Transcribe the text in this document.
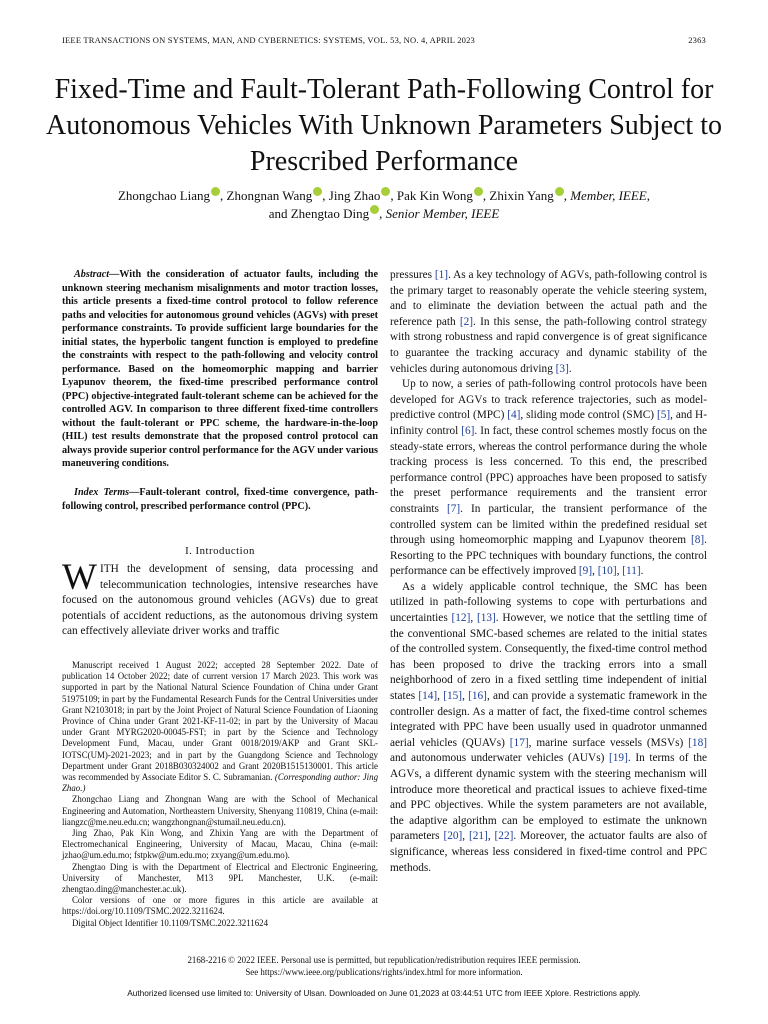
IEEE TRANSACTIONS ON SYSTEMS, MAN, AND CYBERNETICS: SYSTEMS, VOL. 53, NO. 4, APRIL 2023	2363
Fixed-Time and Fault-Tolerant Path-Following Control for Autonomous Vehicles With Unknown Parameters Subject to Prescribed Performance
Zhongchao Liang , Zhongnan Wang , Jing Zhao , Pak Kin Wong , Zhixin Yang , Member, IEEE,
and Zhengtao Ding , Senior Member, IEEE

Abstract—With the consideration of actuator faults, including the unknown steering mechanism misalignments and motor traction losses, this article presents a fixed-time control protocol to follow reference paths and velocities for autonomous ground vehicles (AGVs) with preset performance constraints. To provide sufficient large boundaries for the initial states, the hyperbolic tangent function is employed to predefine the constraints with respect to the path-following and velocity control performance. Based on the homeomorphic mapping and barrier Lyapunov theorem, the fixed-time prescribed performance control (PPC) objective-integrated fault-tolerant scheme can be achieved for the controlled AGV. In comparison to three different fixed-time controllers without the fault-tolerant or PPC scheme, the hardware-in-the-loop (HIL) test results demonstrate that the proposed control protocol can always provide superior control performance for the AGV under various maneuvering conditions.

Index Terms—Fault-tolerant control, fixed-time convergence, path-following control, prescribed performance control (PPC).

I. Introduction

WITH the development of sensing, data processing and telecommunication technologies, intensive researches have focused on the autonomous ground vehicles (AGVs) due to great potentials of accident reductions, as the autonomous driving system can effectively alleviate driver works and traffic

Manuscript received 1 August 2022; accepted 28 September 2022. Date of publication 14 October 2022; date of current version 17 March 2023. This work was supported in part by the National Natural Science Foundation of China under Grant 51975109; in part by the Fundamental Research Funds for the Central Universities under Grant N2103018; in part by the Joint Project of Natural Science Foundation of Liaoning Province of China under Grant 2021-KF-11-02; in part by the University of Macau under Grant MYRG2020-00045-FST; in part by the Science and Technology Development Fund, Macau, under Grant 0018/2019/AKP and Grant SKL-IOTSC(UM)-2021-2023; and in part by the Guangdong Science and Technology Department under Grant 2018B030324002 and Grant 2020B1515130001. This article was recommended by Associate Editor S. C. Subramanian. (Corresponding author: Jing Zhao.)

Zhongchao Liang and Zhongnan Wang are with the School of Mechanical Engineering and Automation, Northeastern University, Shenyang 110819, China (e-mail: liangzc@me.neu.edu.cn; wangzhongnan@stumail.neu.edu.cn).

Jing Zhao, Pak Kin Wong, and Zhixin Yang are with the Department of Electromechanical Engineering, University of Macau, Macau, China (e-mail: jzhao@um.edu.mo; fstpkw@um.edu.mo; zxyang@um.edu.mo).

Zhengtao Ding is with the Department of Electrical and Electronic Engineering, University of Manchester, M13 9PL Manchester, U.K. (e-mail: zhengtao.ding@manchester.ac.uk).

Color versions of one or more figures in this article are available at https://doi.org/10.1109/TSMC.2022.3211624.

Digital Object Identifier 10.1109/TSMC.2022.3211624

pressures [1]. As a key technology of AGVs, path-following control is the primary target to reasonably operate the vehicle steering system, and to eliminate the deviation between the actual path and the reference path [2]. In this sense, the path-following control strategy with strong robustness and rapid convergence is of great significance to guarantee the tracking accuracy and dynamic stability of the vehicles during autonomous driving [3].

Up to now, a series of path-following control protocols have been developed for AGVs to track reference trajectories, such as model-predictive control (MPC) [4], sliding mode control (SMC) [5], and H-infinity control [6]. In fact, these control schemes mostly focus on the steady-state errors, whereas the control performance during the whole tracking process is less concerned. To this end, the prescribed performance control (PPC) approaches have been proposed to satisfy the preset performance requirements and the transient error constraints [7]. In particular, the transient performance of the controlled system can be limited within the predefined residual set through using homeomorphic mapping and Lyapunov theorem [8]. Resorting to the PPC techniques with boundary functions, the control performance can be effectively improved [9], [10], [11].

As a widely applicable control technique, the SMC has been utilized in path-following systems to cope with perturbations and uncertainties [12], [13]. However, we notice that the settling time of the conventional SMC-based schemes are related to the initial states of the controlled system. Consequently, the fixed-time control method has been proposed to drive the tracking errors into a small neighborhood of zero in a fixed settling time independent of initial states [14], [15], [16], and can provide a systematic framework in the controller design. As a matter of fact, the fixed-time control schemes integrated with PPC have been usually used in quadrotor unmanned aerial vehicles (QUAVs) [17], marine surface vessels (MSVs) [18] and autonomous underwater vehicles (AUVs) [19]. In terms of the AGVs, a different dynamic system with the steering mechanism will introduce more theoretical and practical issues to achieve fixed-time and PPC objectives. While the system parameters are not available, the adaptive algorithm can be employed to estimate the unknown parameters [20], [21], [22]. Moreover, the actuator faults are also of significance, whereas less considered in fixed-time control and PPC methods.

2168-2216 © 2022 IEEE. Personal use is permitted, but republication/redistribution requires IEEE permission.

See https://www.ieee.org/publications/rights/index.html for more information.

Authorized licensed use limited to: University of Ulsan. Downloaded on June 01,2023 at 03:44:51 UTC from IEEE Xplore. Restrictions apply.
